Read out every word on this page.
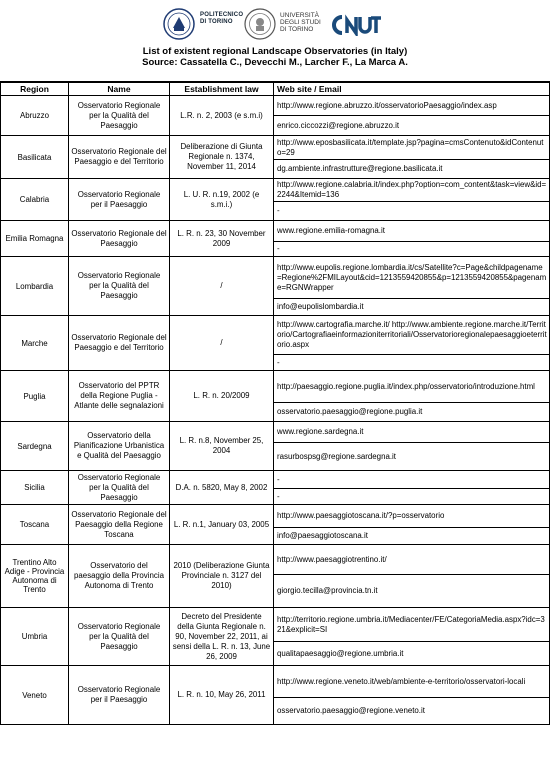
POLITECNICO
DI TORINO
UNIVERSITÀ
DEGLI STUDI
DI TORINO
List of existent regional Landscape Observatories (in Italy)
Source: Cassatella C., Devecchi M., Larcher F., La Marca A.
Region	Name	Establishment law	Web site / Email
Abruzzo	Osservatorio Regionale per la Qualità del Paesaggio	L.R. n. 2, 2003 (e s.m.i)	http://www.regione.abruzzo.it/osservatorioPaesaggio/index.asp
			enrico.ciccozzi@regione.abruzzo.it
Basilicata	Osservatorio Regionale del Paesaggio e del Territorio	Deliberazione di Giunta Regionale n. 1374, November 11, 2014	http://www.eposbasilicata.it/template.jsp?pagina=cmsContenuto&idContenuto=29
			dg.ambiente.infrastrutture@regione.basilicata.it
Calabria	Osservatorio Regionale per il Paesaggio	L. U. R. n.19, 2002 (e s.m.i.)	http://www.regione.calabria.it/index.php?option=com_content&task=view&id=2244&Itemid=136
			-
Emilia Romagna	Osservatorio Regionale del Paesaggio	L. R. n. 23, 30 November 2009	www.regione.emilia-romagna.it
			-
Lombardia	Osservatorio Regionale per la Qualità del Paesaggio	/	http://www.eupolis.regione.lombardia.it/cs/Satellite?c=Page&childpagename=Regione%2FMILayout&cid=1213559420855&p=1213559420855&pagename=RGNWrapper
			info@eupolislombardia.it
Marche	Osservatorio Regionale del Paesaggio e del Territorio	/	http://www.cartografia.marche.it/ http://www.ambiente.regione.marche.it/Territorio/Cartografiaeinformazioniterritoriali/Osservatorioregionalepaesaggioeterritorio.aspx
			-
Puglia	Osservatorio del PPTR della Regione Puglia - Atlante delle segnalazioni	L. R. n. 20/2009	http://paesaggio.regione.puglia.it/index.php/osservatorio/introduzione.html
			osservatorio.paesaggio@regione.puglia.it
Sardegna	Osservatorio della Pianificazione Urbanistica e Qualità del Paesaggio	L. R. n.8, November 25, 2004	www.regione.sardegna.it
			rasurbospsg@regione.sardegna.it
Sicilia	Osservatorio Regionale per la Qualità del Paesaggio	D.A. n. 5820, May 8, 2002	-
			-
Toscana	Osservatorio Regionale del Paesaggio della Regione Toscana	L. R. n.1, January 03, 2005	http://www.paesaggiotoscana.it/?p=osservatorio
			info@paesaggiotoscana.it
Trentino Alto Adige - Provincia Autonoma di Trento	Osservatorio del paesaggio della Provincia Autonoma di Trento	2010 (Deliberazione Giunta Provinciale n. 3127 del 2010)	http://www.paesaggiotrentino.it/
			giorgio.tecilla@provincia.tn.it
Umbria	Osservatorio Regionale per la Qualità del Paesaggio	Decreto del Presidente della Giunta Regionale n. 90, November 22, 2011, ai sensi della L. R. n. 13, June 26, 2009	http://territorio.regione.umbria.it/Mediacenter/FE/CategoriaMedia.aspx?idc=321&explicit=SI
			qualitapaesaggio@regione.umbria.it
Veneto	Osservatorio Regionale per il Paesaggio	L. R. n. 10, May 26, 2011	http://www.regione.veneto.it/web/ambiente-e-territorio/osservatori-locali
			osservatorio.paesaggio@regione.veneto.it
